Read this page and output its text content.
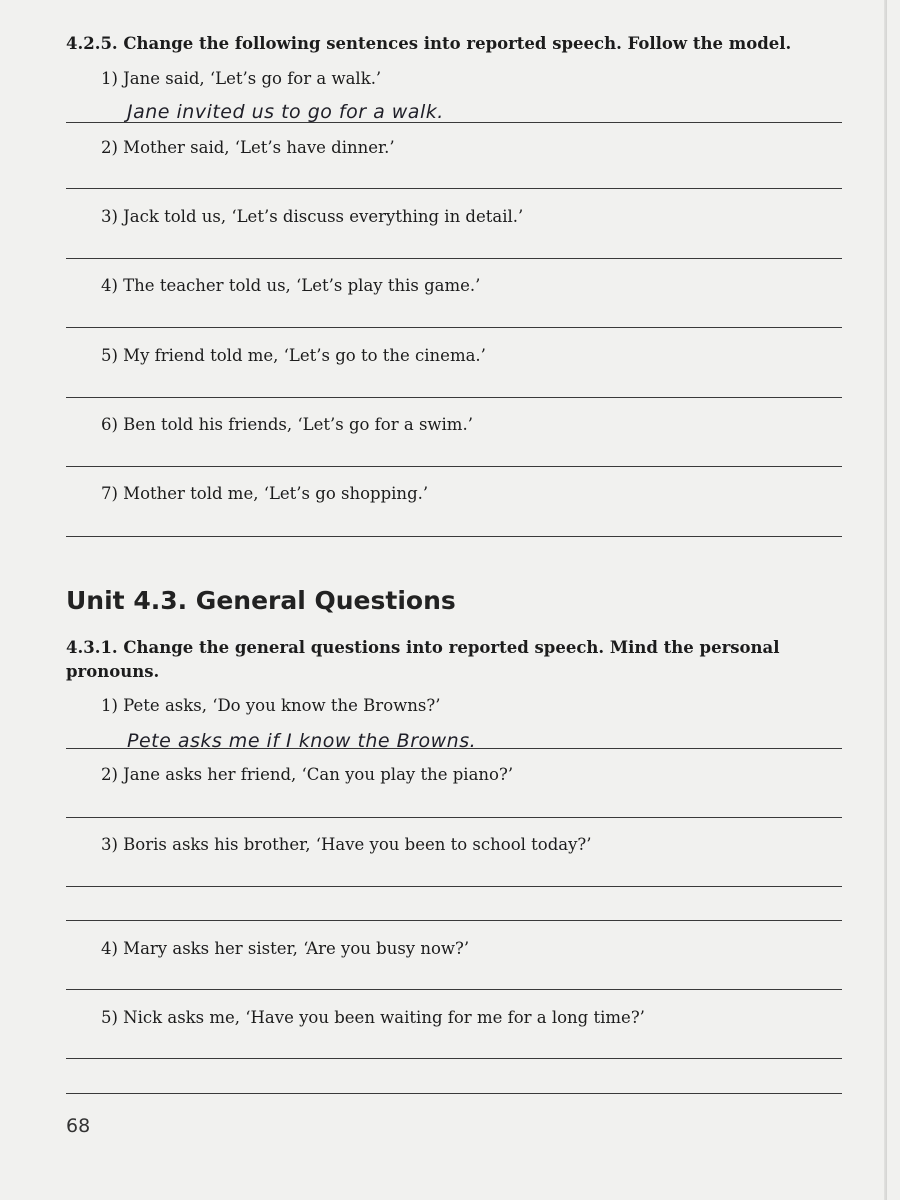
4.2.5. Change the following sentences into reported speech. Follow the model.
1) Jane said, ‘Let’s go for a walk.’
Jane invited us to go for a walk.
2) Mother said, ‘Let’s have dinner.’
3) Jack told us, ‘Let’s discuss everything in detail.’
4) The teacher told us, ‘Let’s play this game.’
5) My friend told me, ‘Let’s go to the cinema.’
6) Ben told his friends, ‘Let’s go for a swim.’
7) Mother told me, ‘Let’s go shopping.’
Unit 4.3. General Questions
4.3.1. Change the general questions into reported speech. Mind the personal pronouns.
1) Pete asks, ‘Do you know the Browns?’
Pete asks me if I know the Browns.
2) Jane asks her friend, ‘Can you play the piano?’
3) Boris asks his brother, ‘Have you been to school today?’
4) Mary asks her sister, ‘Are you busy now?’
5) Nick asks me, ‘Have you been waiting for me for a long time?’
68
